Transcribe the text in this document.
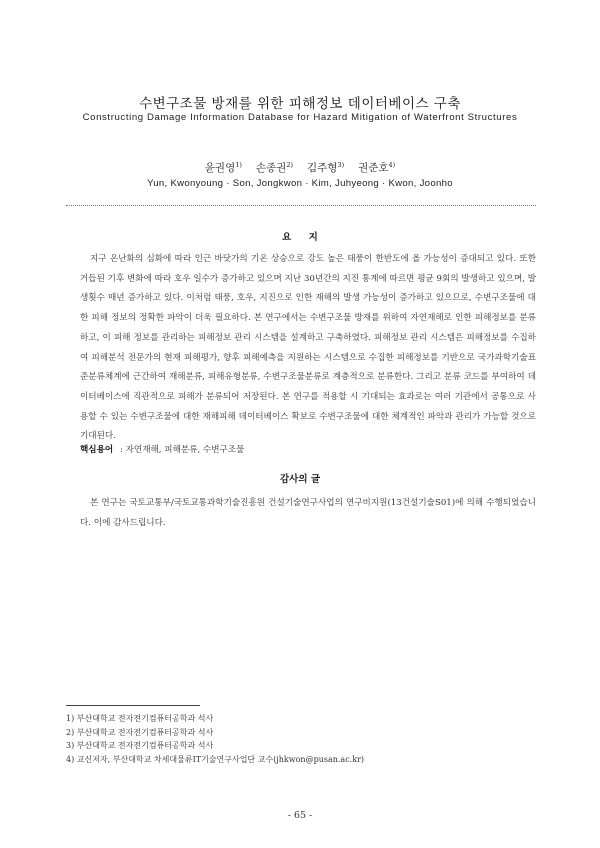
수변구조물 방재를 위한 피해정보 데이터베이스 구축
Constructing Damage Information Database for Hazard Mitigation of Waterfront Structures
윤권영$^{1)}$ 손종권$^{2)}$ 김주형$^{3)}$ 권준호$^{4)}$
Yun, Kwonyoung · Son, Jongkwon · Kim, Juhyeong · Kwon, Joonho
요 지
지구 온난화의 심화에 따라 인근 바닷가의 기온 상승으로 강도 높은 태풍이 한반도에 올 가능성이 증대되고 있다. 또한 거듭된 기후 변화에 따라 호우 일수가 증가하고 있으며 지난 30년간의 지진 통계에 따르면 평균 9회의 발생하고 있으며, 발생횟수 매년 증가하고 있다. 이처럼 태풍, 호우, 지진으로 인한 재해의 발생 가능성이 증가하고 있으므로, 수변구조물에 대한 피해 정보의 정확한 파악이 더욱 필요하다. 본 연구에서는 수변구조물 방재를 위하여 자연재해로 인한 피해정보를 분류하고, 이 피해 정보를 관리하는 피해정보 관리 시스템을 설계하고 구축하였다. 피해정보 관리 시스템은 피해정보를 수집하여 피해분석 전문가의 현재 피해평가, 향후 피해예측을 지원하는 시스템으로 수집한 피해정보를 기반으로 국가과학기술표준분류체계에 근간하여 재해분류, 피해유형분류, 수변구조물분류로 계층적으로 분류한다. 그리고 분류 코드를 부여하여 데이터베이스에 직관적으로 피해가 분류되어 저장된다. 본 연구를 적용할 시 기대되는 효과로는 여러 기관에서 공통으로 사용할 수 있는 수변구조물에 대한 재해피해 데이터베이스 확보로 수변구조물에 대한 체계적인 파악과 관리가 가능할 것으로 기대된다.
핵심용어 : 자연재해, 피해분류, 수변구조물
감사의 글
본 연구는 국토교통부/국토교통과학기술진흥원 건설기술연구사업의 연구비지원(13건설기술S01)에 의해 수행되었습니다. 이에 감사드립니다.
1) 부산대학교 전자전기컴퓨터공학과 석사
2) 부산대학교 전자전기컴퓨터공학과 석사
3) 부산대학교 전자전기컴퓨터공학과 석사
4) 교신저자, 부산대학교 차세대물류IT기술연구사업단 교수(jhkwon@pusan.ac.kr)
- 65 -
